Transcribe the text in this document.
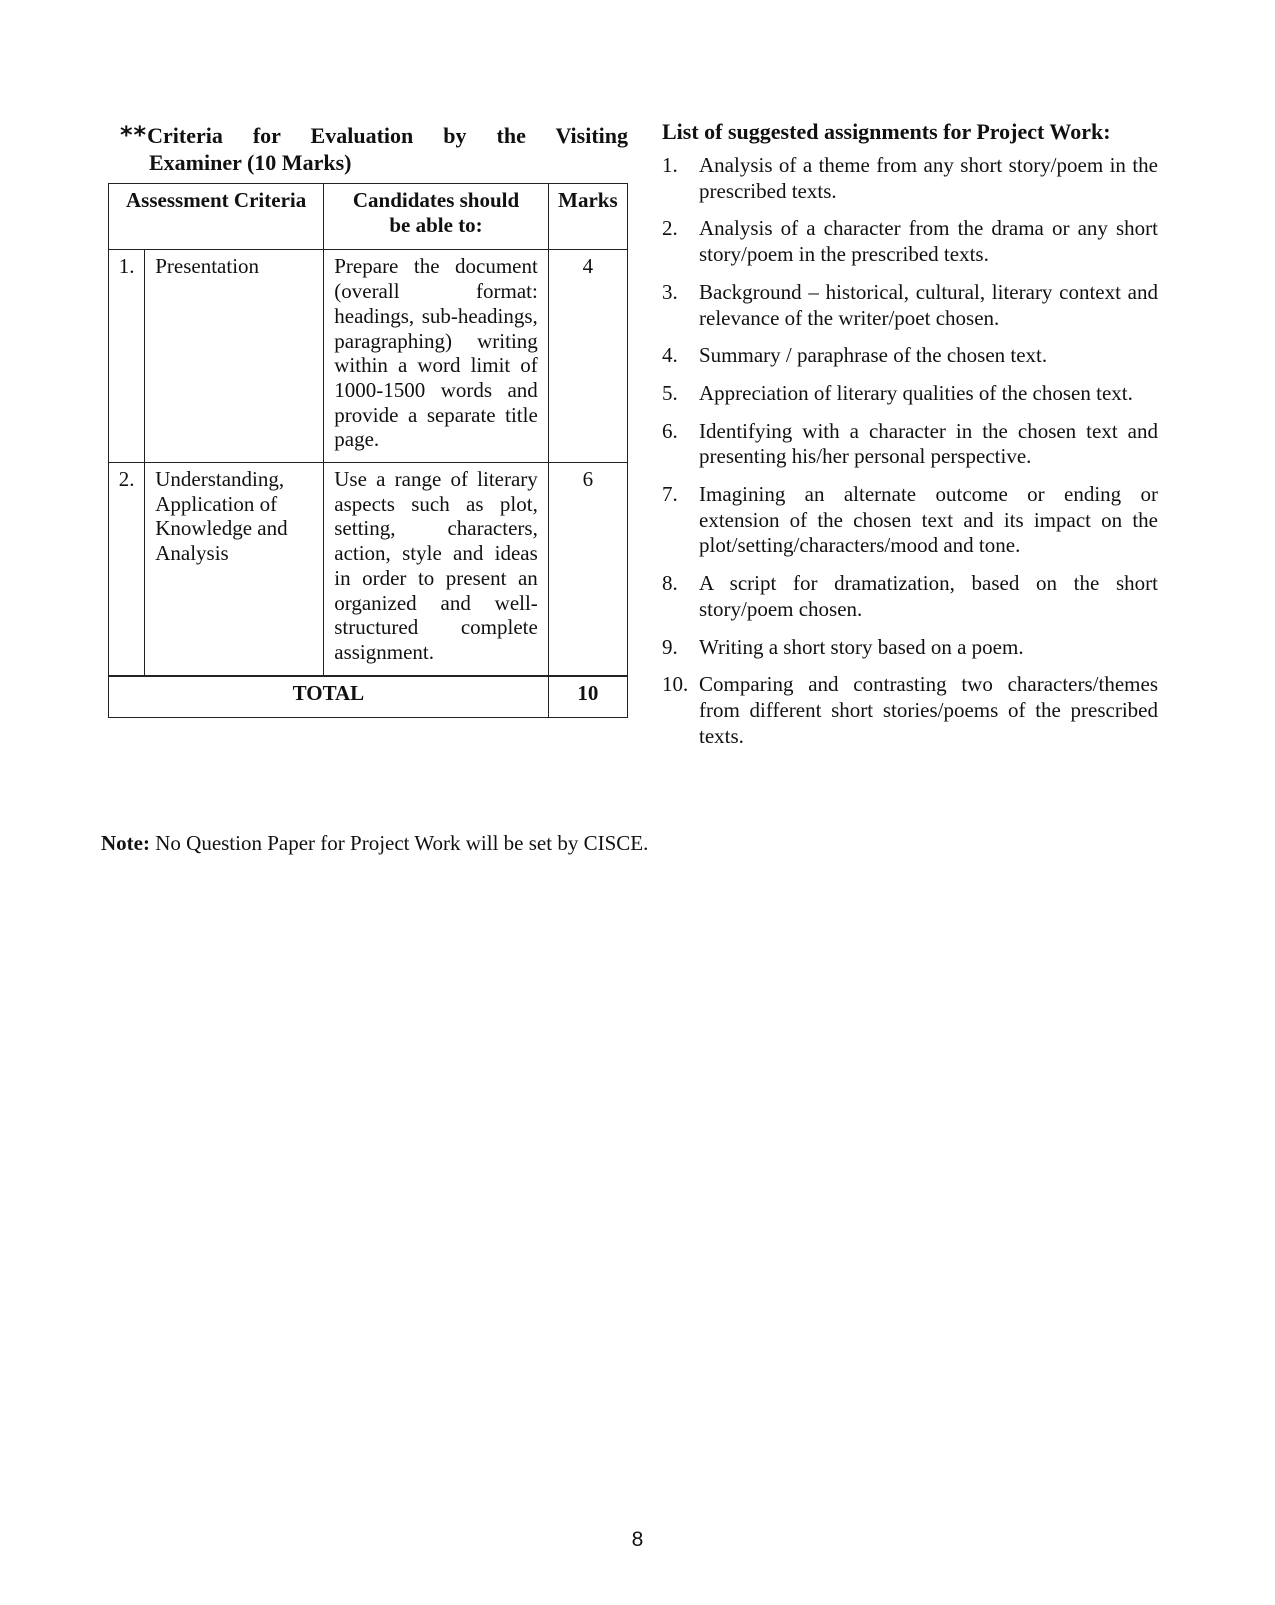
**Criteria for Evaluation by the Visiting
Examiner (10 Marks)
Assessment Criteria		Candidates should be able to:	Marks
1.	Presentation	Prepare the document (overall format: headings, sub-headings, paragraphing) writing within a word limit of 1000-1500 words and provide a separate title page.	4
2.	Understanding, Application of Knowledge and Analysis	Use a range of literary aspects such as plot, setting, characters, action, style and ideas in order to present an organized and well-structured complete assignment.	6
TOTAL			10
List of suggested assignments for Project Work:
1. Analysis of a theme from any short story/poem in the prescribed texts.
2. Analysis of a character from the drama or any short story/poem in the prescribed texts.
3. Background – historical, cultural, literary context and relevance of the writer/poet chosen.
4. Summary / paraphrase of the chosen text.
5. Appreciation of literary qualities of the chosen text.
6. Identifying with a character in the chosen text and presenting his/her personal perspective.
7. Imagining an alternate outcome or ending or extension of the chosen text and its impact on the plot/setting/characters/mood and tone.
8. A script for dramatization, based on the short story/poem chosen.
9. Writing a short story based on a poem.
10. Comparing and contrasting two characters/themes from different short stories/poems of the prescribed texts.
Note: No Question Paper for Project Work will be set by CISCE.
8
